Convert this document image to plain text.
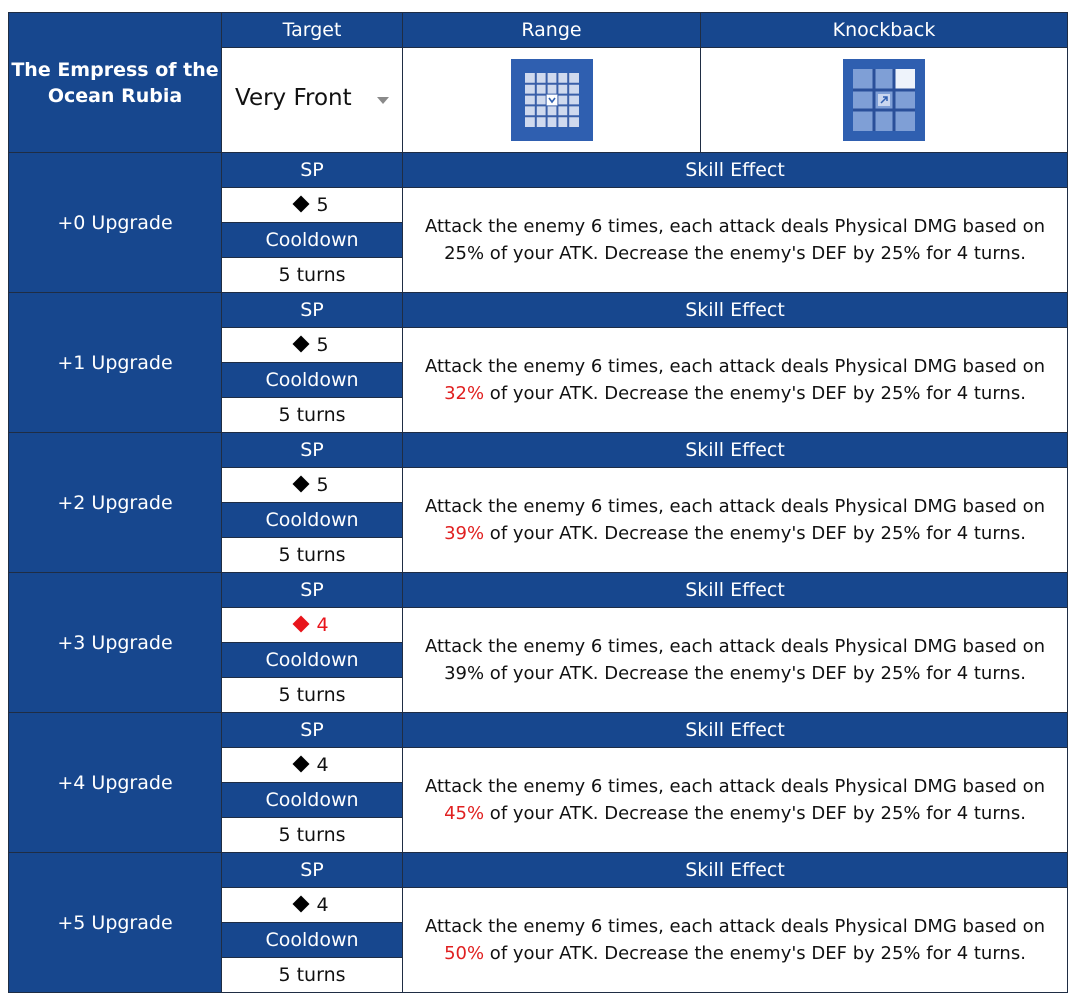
The Empress of the Ocean Rubia	Target	Range	Knockback

	Very Front

+0 Upgrade	SP	Skill Effect	
	5	Attack the enemy 6 times, each attack deals Physical DMG based on 25% of your ATK. Decrease the enemy's DEF by 25% for 4 turns.	
	Cooldown		
	5 turns		
+1 Upgrade	SP	Skill Effect	
	5	Attack the enemy 6 times, each attack deals Physical DMG based on 32% of your ATK. Decrease the enemy's DEF by 25% for 4 turns.	
	Cooldown		
	5 turns		
+2 Upgrade	SP	Skill Effect	
	5	Attack the enemy 6 times, each attack deals Physical DMG based on 39% of your ATK. Decrease the enemy's DEF by 25% for 4 turns.	
	Cooldown		
	5 turns		
+3 Upgrade	SP	Skill Effect	
	4	Attack the enemy 6 times, each attack deals Physical DMG based on 39% of your ATK. Decrease the enemy's DEF by 25% for 4 turns.	
	Cooldown		
	5 turns		
+4 Upgrade	SP	Skill Effect	
	4	Attack the enemy 6 times, each attack deals Physical DMG based on 45% of your ATK. Decrease the enemy's DEF by 25% for 4 turns.	
	Cooldown		
	5 turns		
+5 Upgrade	SP	Skill Effect	
	4	Attack the enemy 6 times, each attack deals Physical DMG based on 50% of your ATK. Decrease the enemy's DEF by 25% for 4 turns.	
	Cooldown		
	5 turns		
